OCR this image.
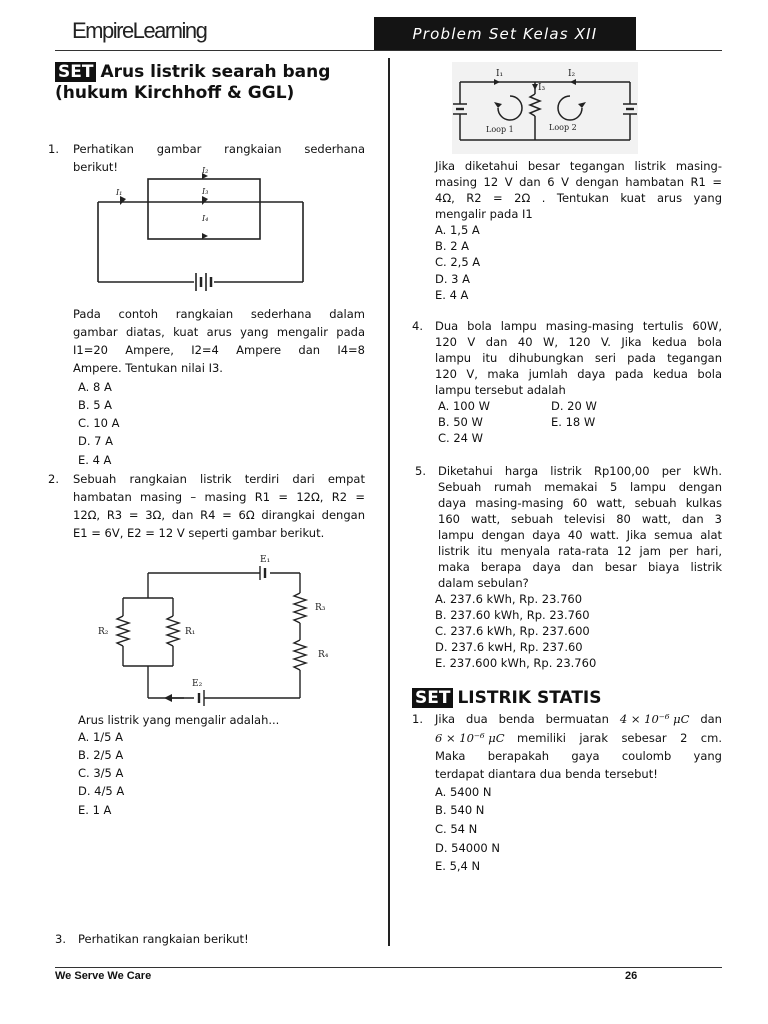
EmpireLearning	Problem Set Kelas XII
SET Arus listrik searah bang (hukum Kirchhoff & GGL)
1. Perhatikan gambar rangkaian sederhana
berikut!	I₂
I₃
I₄
I₁
Pada contoh rangkaian sederhana dalam
gambar diatas, kuat arus yang mengalir pada
I1=20 Ampere, I2=4 Ampere dan I4=8
Ampere. Tentukan nilai I3.
A. 8 A
B. 5 A
C. 10 A
D. 7 A
E. 4 A
2. Sebuah rangkaian listrik terdiri dari empat
hambatan masing – masing R1 = 12Ω, R2 =
12Ω, R3 = 3Ω, dan R4 = 6Ω dirangkai dengan
E1 = 6V, E2 = 12 V seperti gambar berikut.
E₁
R₃
R₄
R₂	R₁
E₂
Arus listrik yang mengalir adalah...
A. 1/5 A
B. 2/5 A
C. 3/5 A
D. 4/5 A
E. 1 A
3. Perhatikan rangkaian berikut!
I₁
I₃
I₂
Loop 1	Loop 2
Jika diketahui besar tegangan listrik masing-
masing 12 V dan 6 V dengan hambatan R1 =
4Ω, R2 = 2Ω . Tentukan kuat arus yang
mengalir pada I1
A. 1,5 A
B. 2 A
C. 2,5 A
D. 3 A
E. 4 A
4. Dua bola lampu masing-masing tertulis 60W,
120 V dan 40 W, 120 V. Jika kedua bola
lampu itu dihubungkan seri pada tegangan
120 V, maka jumlah daya pada kedua bola
lampu tersebut adalah
A. 100 W	D. 20 W
B. 50 W	E. 18 W
C. 24 W
5. Diketahui harga listrik Rp100,00 per kWh.
Sebuah rumah memakai 5 lampu dengan
daya masing-masing 60 watt, sebuah kulkas
160 watt, sebuah televisi 80 watt, dan 3
lampu dengan daya 40 watt. Jika semua alat
listrik itu menyala rata-rata 12 jam per hari,
maka berapa daya dan besar biaya listrik
dalam sebulan?
A. 237.6 kWh, Rp. 23.760
B. 237.60 kWh, Rp. 23.760
C. 237.6 kWh, Rp. 237.600
D. 237.6 kwH, Rp. 237.60
E. 237.600 kWh, Rp. 23.760
SET LISTRIK STATIS
1. Jika dua benda bermuatan 4 × 10⁻⁶ μC dan
6 × 10⁻⁶ μC memiliki jarak sebesar 2 cm.
Maka berapakah gaya coulomb yang
terdapat diantara dua benda tersebut!
A. 5400 N
B. 540 N
C. 54 N
D. 54000 N
E. 5,4 N
We Serve We Care	26
